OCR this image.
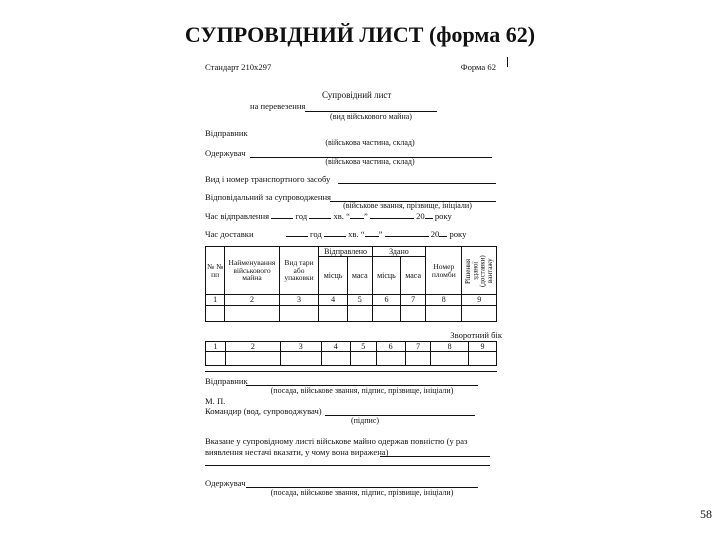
СУПРОВІДНИЙ ЛИСТ (форма 62)
Стандарт 210x297	Форма 62
Супровідний лист
на перевезення
(вид військового майна)
Відправник
(військова частина, склад)
Одержувач
(військова частина, склад)
Вид і номер транспортного засобу
Відповідальний за супроводження
(військове звання, прізвище, ініціали)
Час відправлення	год	хв. “ ”	20 року
Час доставки	год	хв. “ ”	20 року
№ № пп	Найменування військового майна	Вид тари або упаковки	Відправлено		Здано		Номер пломби	Рішення зданої (доставки) вантажу

			місць	маса	місць	маса		
1	2	3	4	5	6	7	8	9

Зворотний бік
1	2	3	4	5	6	7	8	9

Відправник
(посада, військове звання, підпис, прізвище, ініціали)
М. П.
Командир (вод, супроводжувач)
(підпис)
Вказане у супровідному листі військове майно одержав повністю (у раз
виявлення нестачі вказати, у чому вона виражена)
Одержувач
(посада, військове звання, підпис, прізвище, ініціали)
58
